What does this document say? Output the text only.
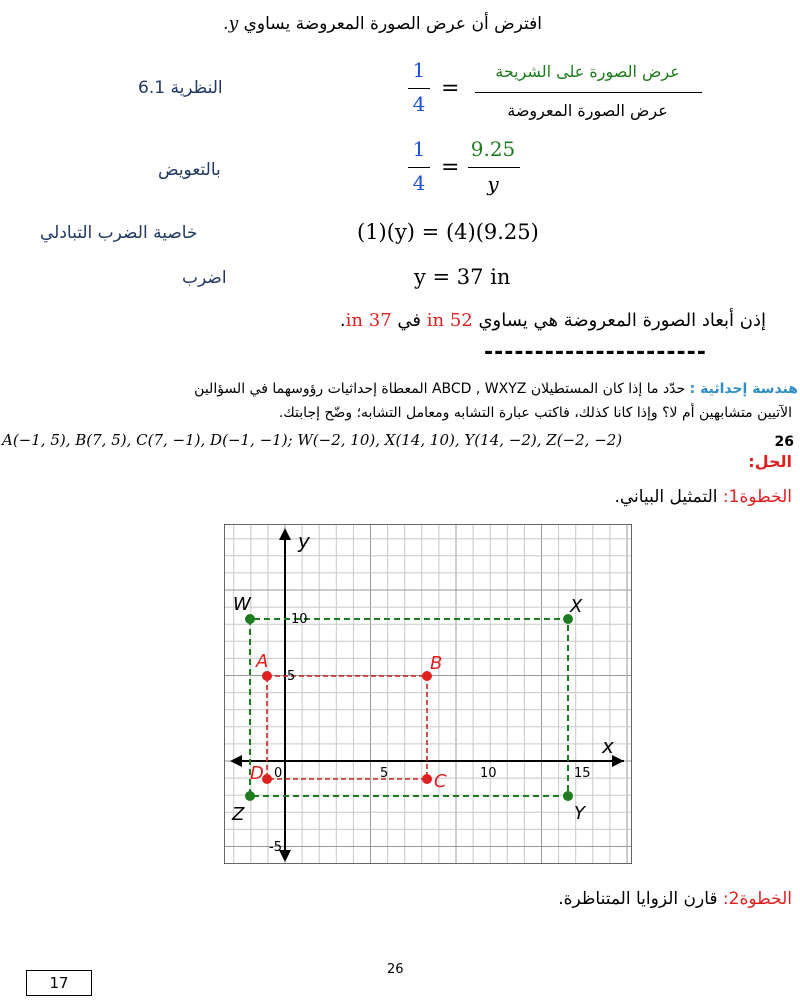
افترض أن عرض الصورة المعروضة يساوي y.
النظرية 6.1
1
4
=
عرض الصورة على الشريحة
عرض الصورة المعروضة
بالتعويض
1
4
=
9.25
y
خاصية الضرب التبادلي	(1)(y) = (4)(9.25)
اضرب	y = 37 in
إذن أبعاد الصورة المعروضة هي يساوي 52 in في 37 in.
----------------------
هندسة إحداثية : حدّد ما إذا كان المستطيلان ABCD , WXYZ المعطاة إحداثيات رؤوسهما في السؤالين
الآتيين متشابهين أم لا؟ وإذا كانا كذلك، فاكتب عبارة التشابه ومعامل التشابه؛ وضّح إجابتك.
26
A(−1, 5), B(7, 5), C(7, −1), D(−1, −1); W(−2, 10), X(14, 10), Y(14, −2), Z(−2, −2)
الحل:
الخطوة1: التمثيل البياني.
10
5
-5
5	10	15
0
x
y
W	X
Y
Z
A	B
C
D
الخطوة2: قارن الزوايا المتناظرة.
26
17
